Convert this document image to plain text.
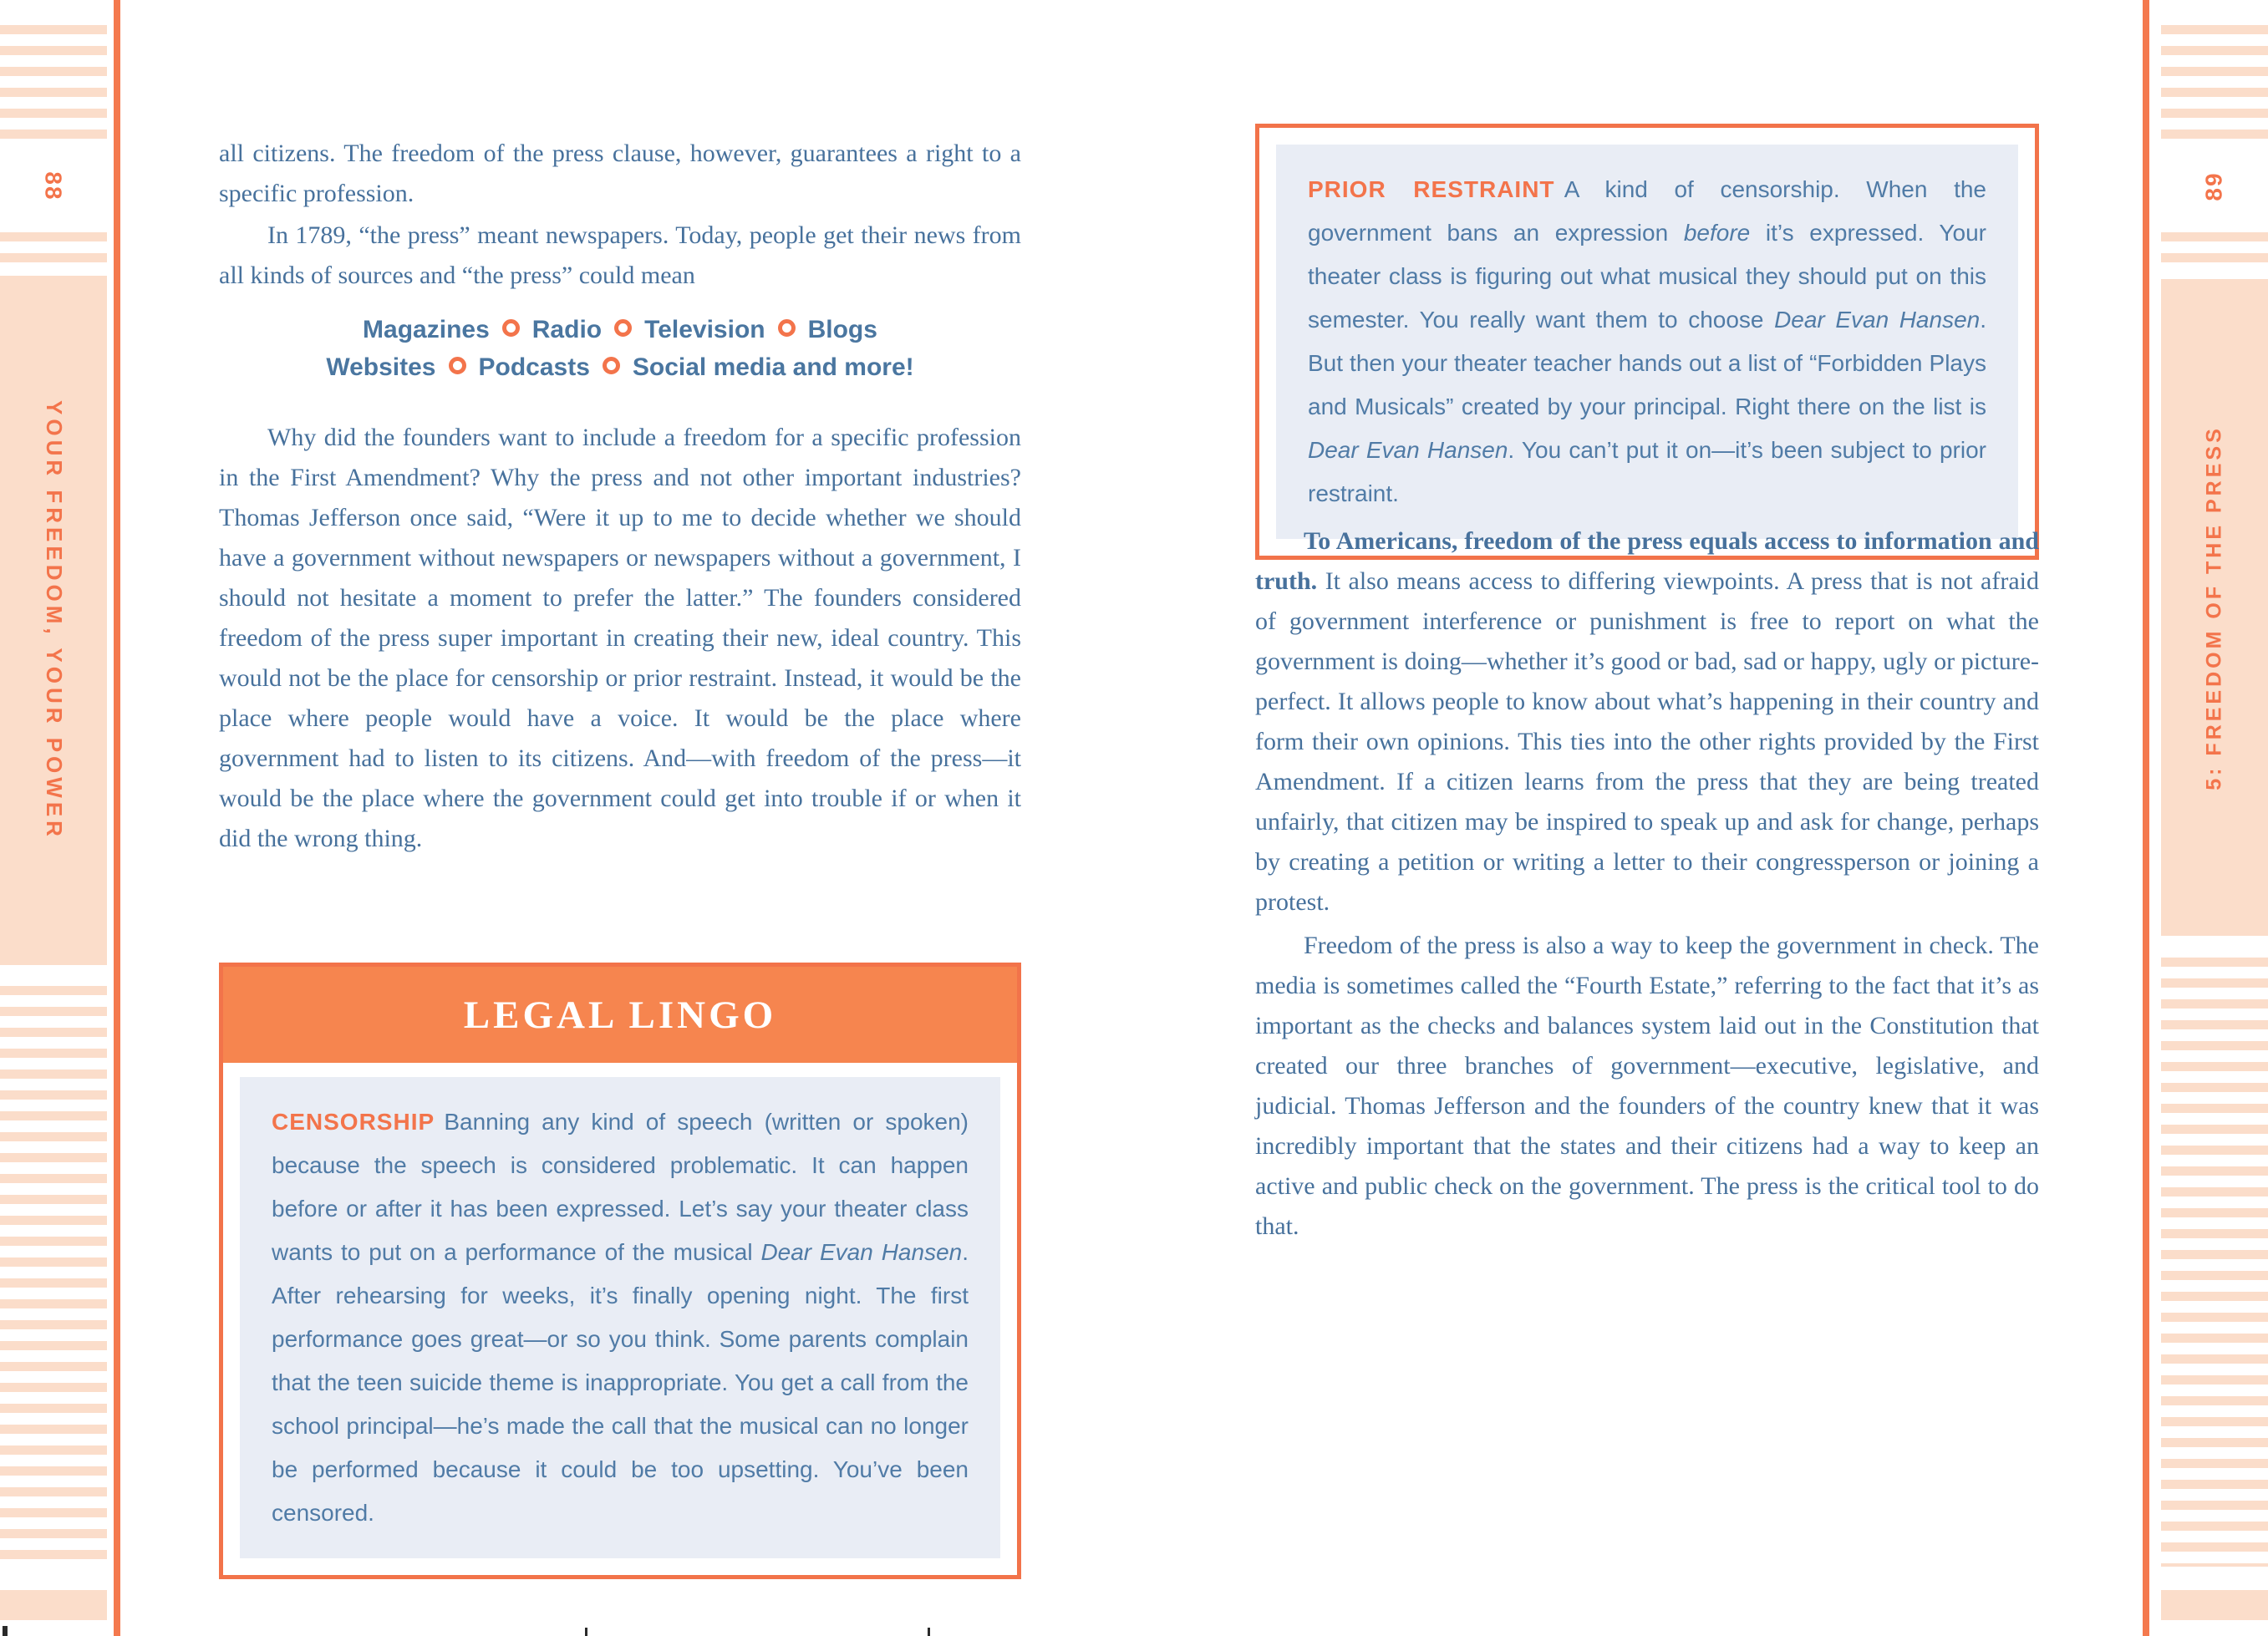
88
YOUR FREEDOM, YOUR POWER
89
5: FREEDOM OF THE PRESS
all citizens. The freedom of the press clause, however, guarantees a right to a specific profession.
In 1789, “the press” meant newspapers. Today, people get their news from all kinds of sources and “the press” could mean
Magazines Radio Television Blogs
Websites Podcasts Social media and more!
Why did the founders want to include a freedom for a specific profession in the First Amendment? Why the press and not other important industries? Thomas Jefferson once said, “Were it up to me to decide whether we should have a government without newspapers or newspapers without a government, I should not hesitate a moment to prefer the latter.” The founders considered freedom of the press super important in creating their new, ideal country. This would not be the place for censorship or prior restraint. Instead, it would be the place where people would have a voice. It would be the place where government had to listen to its citizens. And—with freedom of the press—it would be the place where the government could get into trouble if or when it did the wrong thing.
LEGAL LINGO
CENSORSHIP Banning any kind of speech (written or spoken) because the speech is considered problematic. It can happen before or after it has been expressed. Let’s say your theater class wants to put on a performance of the musical Dear Evan Hansen. After rehearsing for weeks, it’s finally opening night. The first performance goes great—or so you think. Some parents complain that the teen suicide theme is inappropriate. You get a call from the school principal—he’s made the call that the musical can no longer be performed because it could be too upsetting. You’ve been censored.
PRIOR RESTRAINT A kind of censorship. When the government bans an expression before it’s expressed. Your theater class is figuring out what musical they should put on this semester. You really want them to choose Dear Evan Hansen. But then your theater teacher hands out a list of “Forbidden Plays and Musicals” created by your principal. Right there on the list is Dear Evan Hansen. You can’t put it on—it’s been subject to prior restraint.
To Americans, freedom of the press equals access to information and truth. It also means access to differing viewpoints. A press that is not afraid of government interference or punishment is free to report on what the government is doing—whether it’s good or bad, sad or happy, ugly or picture-perfect. It allows people to know about what’s happening in their country and form their own opinions. This ties into the other rights provided by the First Amendment. If a citizen learns from the press that they are being treated unfairly, that citizen may be inspired to speak up and ask for change, perhaps by creating a petition or writing a letter to their congressperson or joining a protest.
Freedom of the press is also a way to keep the government in check. The media is sometimes called the “Fourth Estate,” referring to the fact that it’s as important as the checks and balances system laid out in the Constitution that created our three branches of government—executive, legislative, and judicial. Thomas Jefferson and the founders of the country knew that it was incredibly important that the states and their citizens had a way to keep an active and public check on the government. The press is the critical tool to do that.
